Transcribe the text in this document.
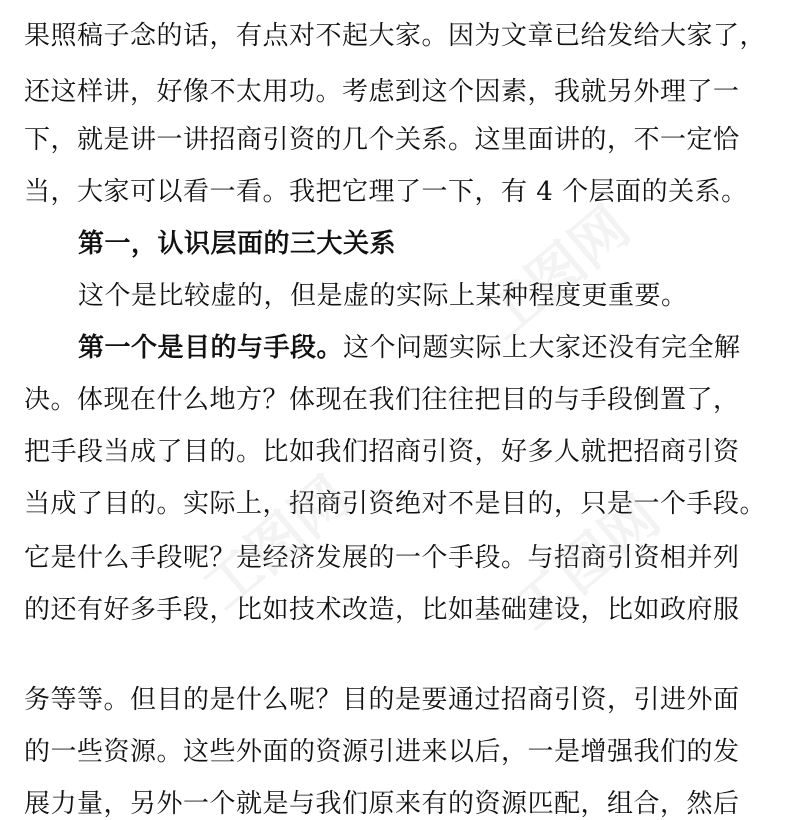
果照稿子念的话，有点对不起大家。因为文章已给发给大家了，
还这样讲，好像不太用功。考虑到这个因素，我就另外理了一
下，就是讲一讲招商引资的几个关系。这里面讲的，不一定恰
当，大家可以看一看。我把它理了一下，有 4 个层面的关系。
第一，认识层面的三大关系
这个是比较虚的，但是虚的实际上某种程度更重要。
第一个是目的与手段。这个问题实际上大家还没有完全解
决。体现在什么地方？体现在我们往往把目的与手段倒置了，
把手段当成了目的。比如我们招商引资，好多人就把招商引资
当成了目的。实际上，招商引资绝对不是目的，只是一个手段。
它是什么手段呢？是经济发展的一个手段。与招商引资相并列
的还有好多手段，比如技术改造，比如基础建设，比如政府服
务等等。但目的是什么呢？目的是要通过招商引资，引进外面
的一些资源。这些外面的资源引进来以后，一是增强我们的发
展力量，另外一个就是与我们原来有的资源匹配，组合，然后
工图网
工图网 工图网
